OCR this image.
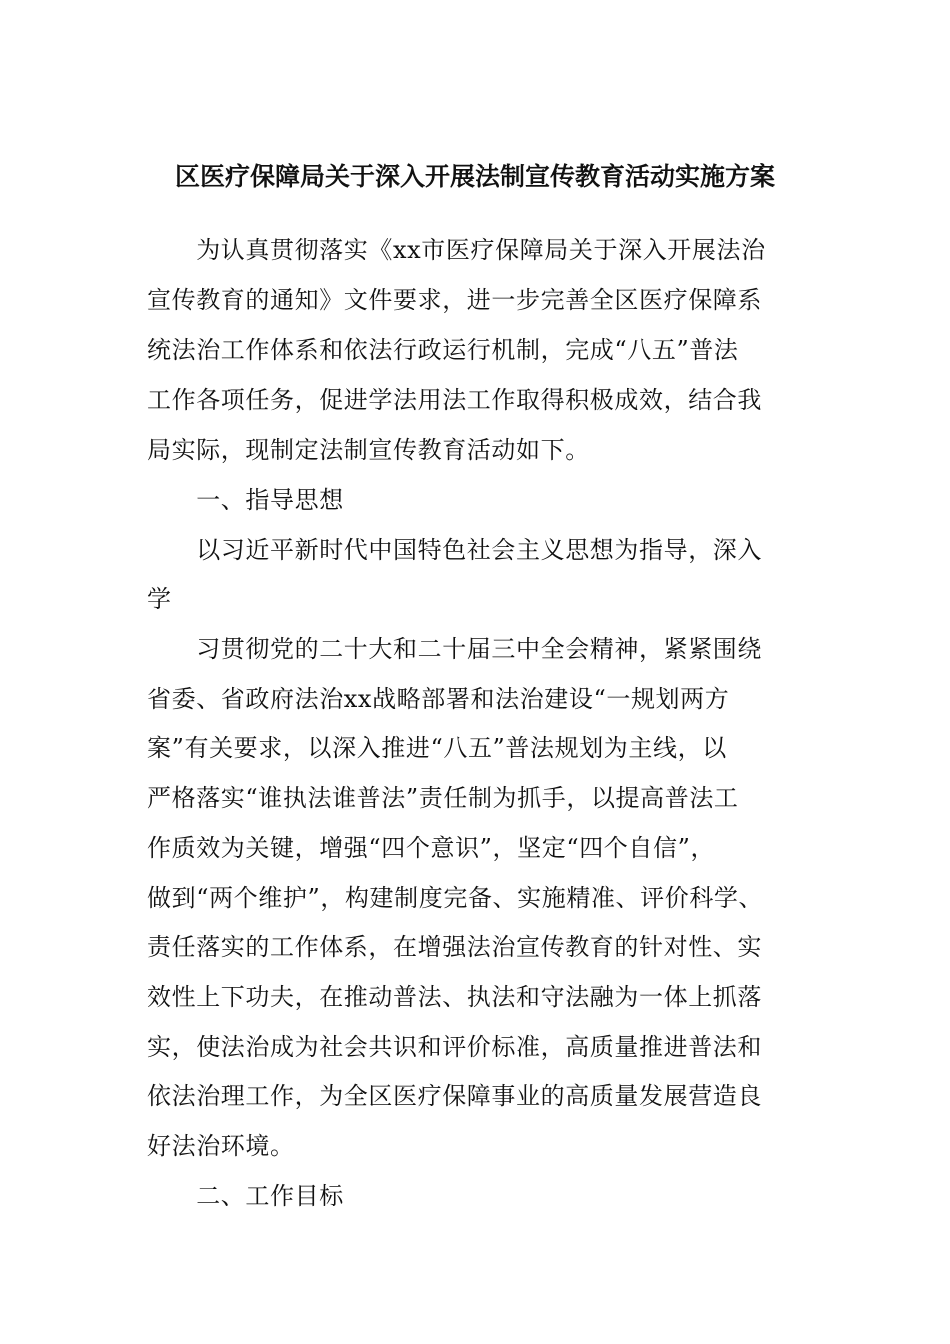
区医疗保障局关于深入开展法制宣传教育活动实施方案
　　为认真贯彻落实《xx市医疗保障局关于深入开展法治
宣传教育的通知》文件要求，进一步完善全区医疗保障系
统法治工作体系和依法行政运行机制，完成“八五”普法
工作各项任务，促进学法用法工作取得积极成效，结合我
局实际，现制定法制宣传教育活动如下。
　　一、指导思想
　　以习近平新时代中国特色社会主义思想为指导，深入
学
　　习贯彻党的二十大和二十届三中全会精神，紧紧围绕
省委、省政府法治xx战略部署和法治建设“一规划两方
案”有关要求，以深入推进“八五”普法规划为主线，以
严格落实“谁执法谁普法”责任制为抓手，以提高普法工
作质效为关键，增强“四个意识”，坚定“四个自信”，
做到“两个维护”，构建制度完备、实施精准、评价科学、
责任落实的工作体系，在增强法治宣传教育的针对性、实
效性上下功夫，在推动普法、执法和守法融为一体上抓落
实，使法治成为社会共识和评价标准，高质量推进普法和
依法治理工作，为全区医疗保障事业的高质量发展营造良
好法治环境。
　　二、工作目标
